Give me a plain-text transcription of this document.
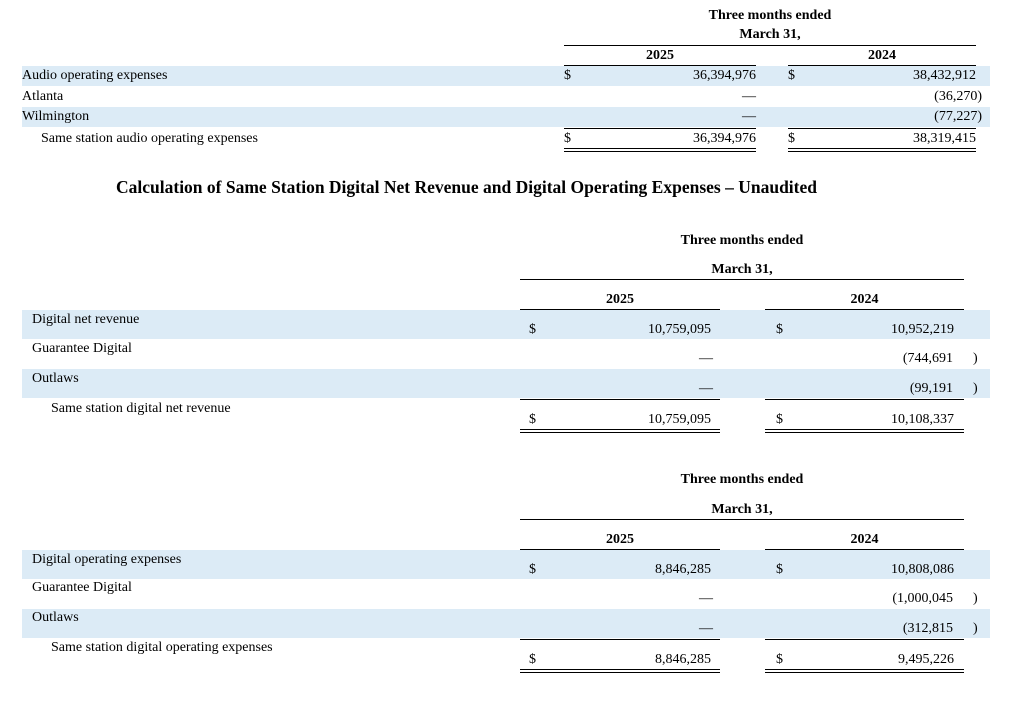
Three months ended
March 31,
2025	2024
Audio operating expenses	$	36,394,976 $	38,432,912
Atlanta	—	(36,270)
Wilmington	—	(77,227)
Same station audio operating expenses	$	36,394,976 $	38,319,415
Calculation of Same Station Digital Net Revenue and Digital Operating Expenses – Unaudited
Three months ended
March 31,
2025	2024
Digital net revenue
$	10,759,095	$	10,952,219
Guarantee Digital
—	(744,691 )
Outlaws
—	(99,191 )
Same station digital net revenue
$	10,759,095	$	10,108,337
Three months ended
March 31,
2025	2024
Digital operating expenses
$	8,846,285	$	10,808,086
Guarantee Digital
—	(1,000,045 )
Outlaws
—	(312,815 )
Same station digital operating expenses
$	8,846,285	$	9,495,226
